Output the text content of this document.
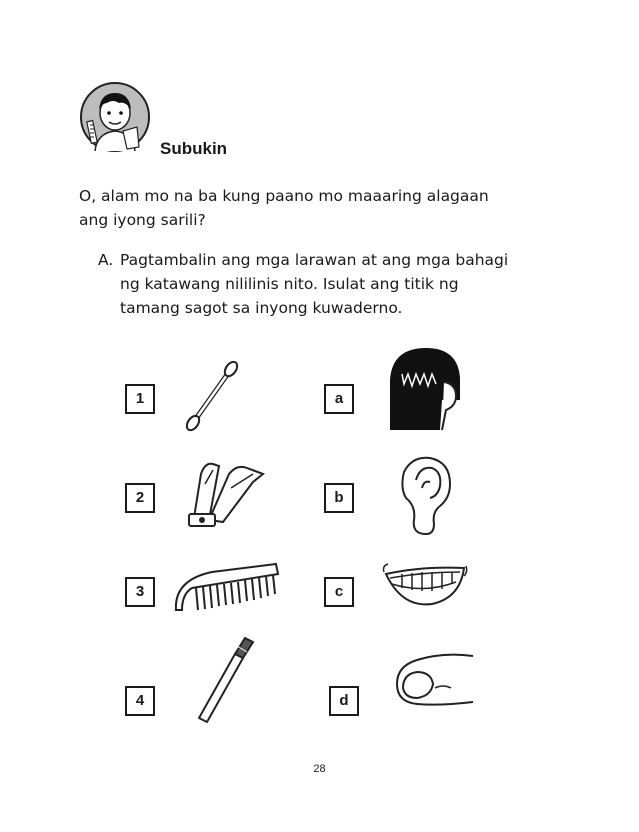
Subukin
O, alam mo na ba kung paano mo maaaring alagaan ang iyong sarili?
A. Pagtambalin ang mga larawan at ang mga bahagi ng katawang nililinis nito. Isulat ang titik ng tamang sagot sa inyong kuwaderno.
1
2
3
4
a
b
c
d
28
